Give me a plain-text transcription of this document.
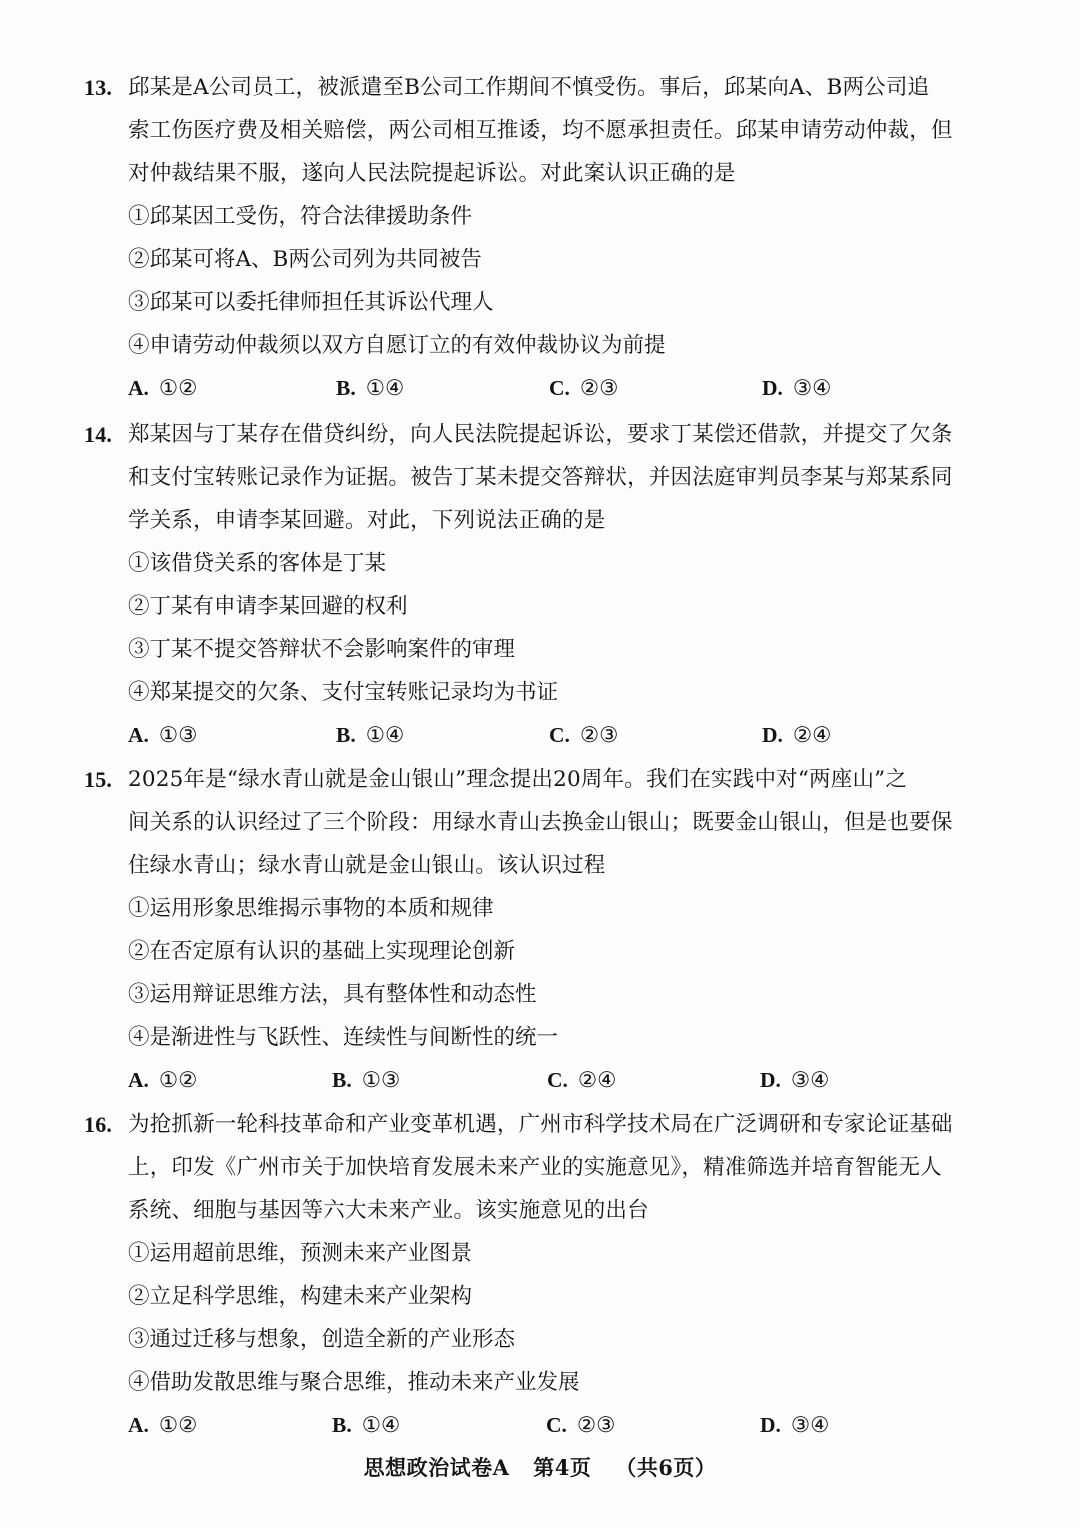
13. 邱某是A公司员工，被派遣至B公司工作期间不慎受伤。事后，邱某向A、B两公司追
索工伤医疗费及相关赔偿，两公司相互推诿，均不愿承担责任。邱某申请劳动仲裁，但
对仲裁结果不服，遂向人民法院提起诉讼。对此案认识正确的是
①邱某因工受伤，符合法律援助条件
②邱某可将A、B两公司列为共同被告
③邱某可以委托律师担任其诉讼代理人
④申请劳动仲裁须以双方自愿订立的有效仲裁协议为前提
A. ①②	B. ①④	C. ②③	D. ③④
14. 郑某因与丁某存在借贷纠纷，向人民法院提起诉讼，要求丁某偿还借款，并提交了欠条
和支付宝转账记录作为证据。被告丁某未提交答辩状，并因法庭审判员李某与郑某系同
学关系，申请李某回避。对此，下列说法正确的是
①该借贷关系的客体是丁某
②丁某有申请李某回避的权利
③丁某不提交答辩状不会影响案件的审理
④郑某提交的欠条、支付宝转账记录均为书证
A. ①③	B. ①④	C. ②③	D. ②④
15. 2025年是“绿水青山就是金山银山”理念提出20周年。我们在实践中对“两座山”之
间关系的认识经过了三个阶段：用绿水青山去换金山银山；既要金山银山，但是也要保
住绿水青山；绿水青山就是金山银山。该认识过程
①运用形象思维揭示事物的本质和规律
②在否定原有认识的基础上实现理论创新
③运用辩证思维方法，具有整体性和动态性
④是渐进性与飞跃性、连续性与间断性的统一
A. ①②	B. ①③	C. ②④	D. ③④
16. 为抢抓新一轮科技革命和产业变革机遇，广州市科学技术局在广泛调研和专家论证基础
上，印发《广州市关于加快培育发展未来产业的实施意见》，精准筛选并培育智能无人
系统、细胞与基因等六大未来产业。该实施意见的出台
①运用超前思维，预测未来产业图景
②立足科学思维，构建未来产业架构
③通过迁移与想象，创造全新的产业形态
④借助发散思维与聚合思维，推动未来产业发展
A. ①②	B. ①④	C. ②③	D. ③④
思想政治试卷A 第4页 （共6页）
